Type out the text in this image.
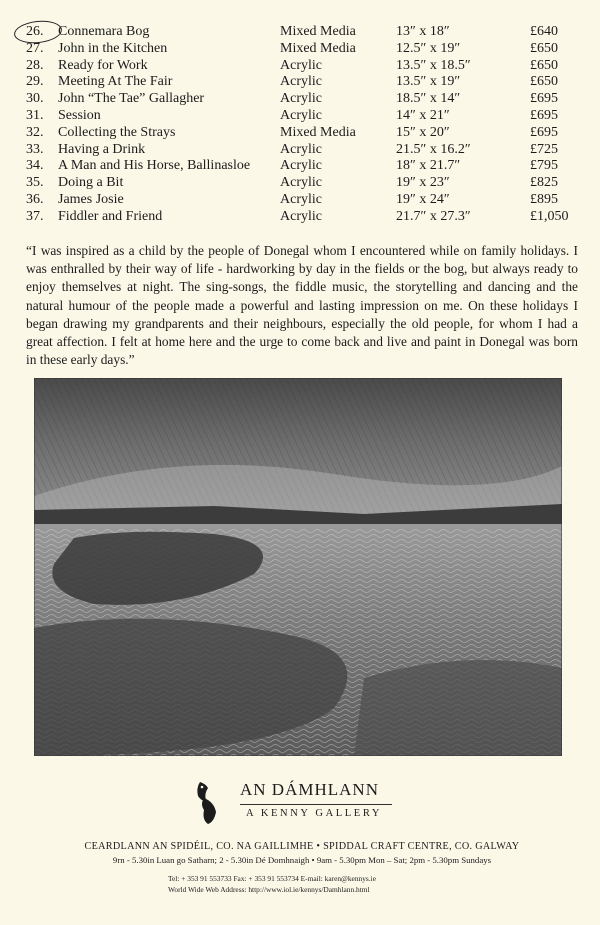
26.	Connemara Bog	Mixed Media	13″ x 18″	£640
27.	John in the Kitchen	Mixed Media	12.5″ x 19″	£650
28.	Ready for Work	Acrylic	13.5″ x 18.5″	£650
29.	Meeting At The Fair	Acrylic	13.5″ x 19″	£650
30.	John “The Tae” Gallagher	Acrylic	18.5″ x 14″	£695
31.	Session	Acrylic	14″ x 21″	£695
32.	Collecting the Strays	Mixed Media	15″ x 20″	£695
33.	Having a Drink	Acrylic	21.5″ x 16.2″	£725
34.	A Man and His Horse, Ballinasloe	Acrylic	18″ x 21.7″	£795
35.	Doing a Bit	Acrylic	19″ x 23″	£825
36.	James Josie	Acrylic	19″ x 24″	£895
37.	Fiddler and Friend	Acrylic	21.7″ x 27.3″	£1,050

“I was inspired as a child by the people of Donegal whom I encountered while on family holidays. I was enthralled by their way of life - hardworking by day in the fields or the bog, but always ready to enjoy themselves at night. The sing-songs, the fiddle music, the storytelling and dancing and the natural humour of the people made a powerful and lasting impression on me. On these holidays I began drawing my grandparents and their neighbours, especially the old people, for whom I had a great affection. I felt at home here and the urge to come back and live and paint in Donegal was born in these early days.”

AN DÁMHLANN
A KENNY GALLERY
CEARDLANN AN SPIDÉIL, CO. NA GAILLIMHE • SPIDDAL CRAFT CENTRE, CO. GALWAY
9rn - 5.30in Luan go Satharn; 2 - 5.30in Dé Domhnaigh • 9am - 5.30pm Mon – Sat; 2pm - 5.30pm Sundays
Tel: + 353 91 553733 Fax: + 353 91 553734 E-mail: karen@kennys.ie
World Wide Web Address: http://www.iol.ie/kennys/Damhlann.html
